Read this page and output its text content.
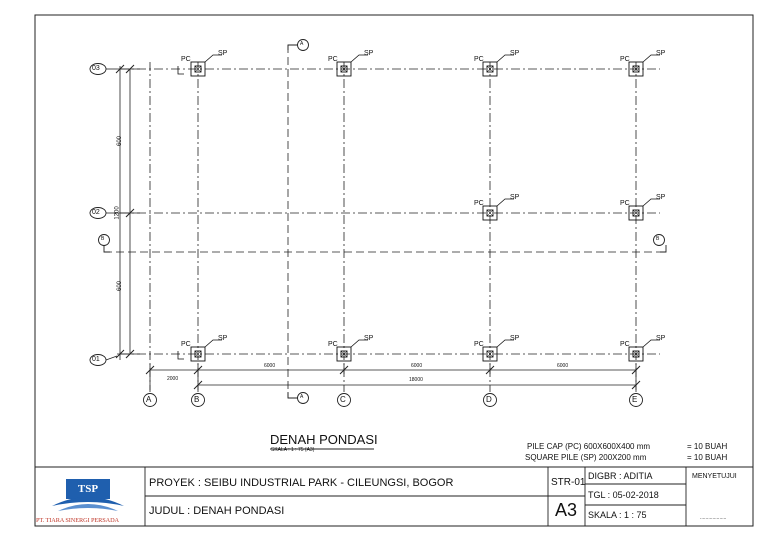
03
02
01
A	B	C	D	E
A
A
B	B
PC
SP
PC
SP
PC
SP
PC
SP
PC
SP
PC
SP
PC
SP
PC
SP
PC
SP
PC
SP
600
1200
600
2000
6000	6000	6000
18000
DENAH PONDASI
SKALA : 1 : 75 (A3)	PILE CAP (PC) 600X600X400 mm	= 10 BUAH
SQUARE PILE (SP) 200X200 mm	= 10 BUAH
TSP
PT. TIARA SINERGI PERSADA
PROYEK : SEIBU INDUSTRIAL PARK - CILEUNGSI, BOGOR
JUDUL : DENAH PONDASI
STR-01
A3
DIGBR : ADITIA
TGL : 05-02-2018
SKALA : 1 : 75
MENYETUJUI
...................
